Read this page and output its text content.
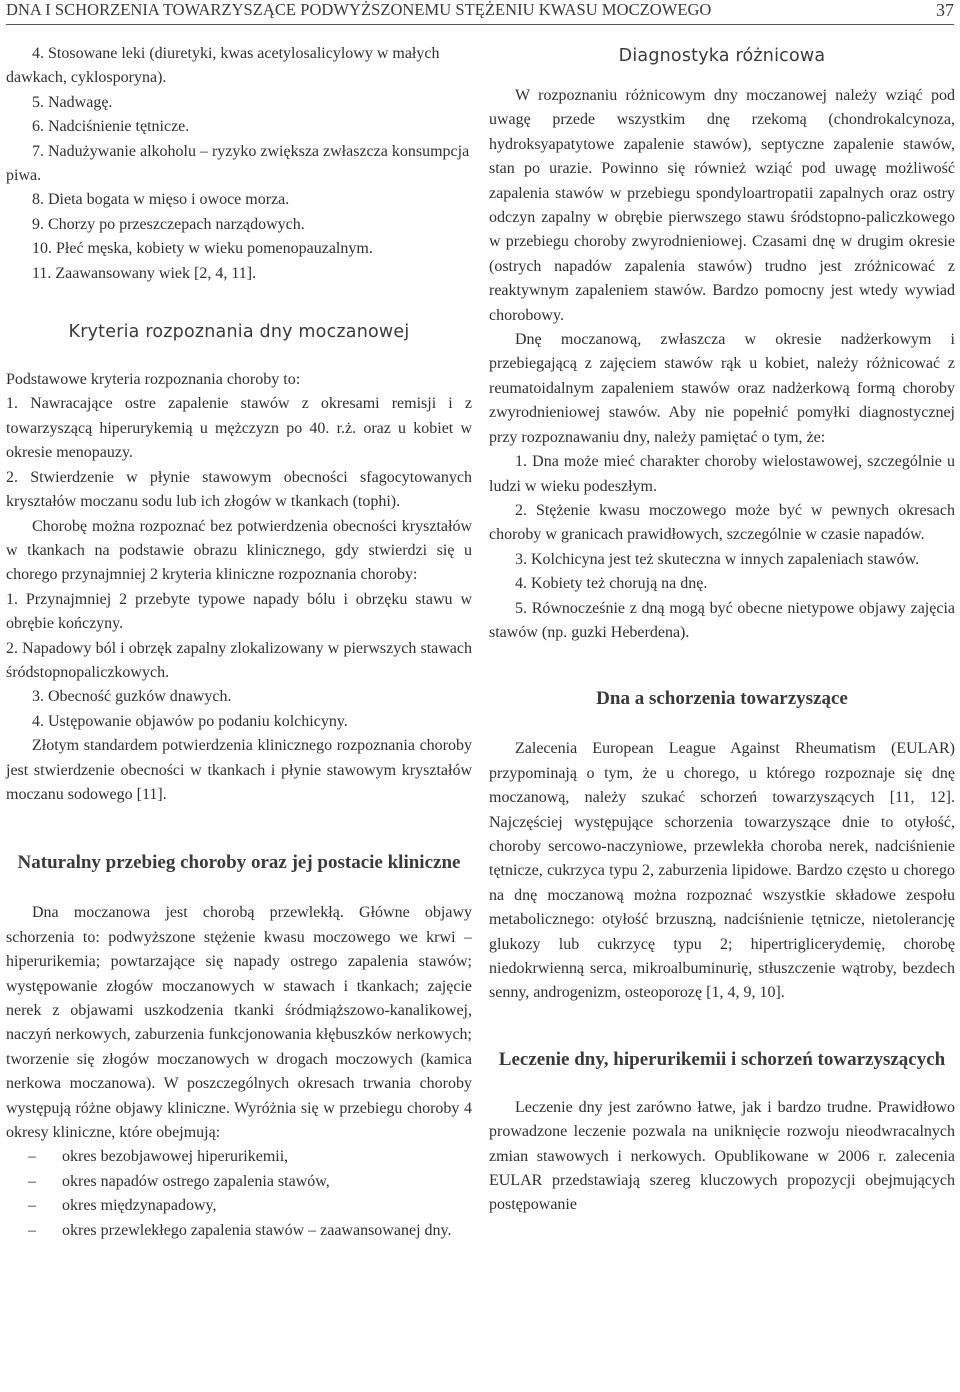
DNA I SCHORZENIA TOWARZYSZĄCE PODWYŻSZONEMU STĘŻENIU KWASU MOCZOWEGO	37

4. Stosowane leki (diuretyki, kwas acetylosalicylowy w małych dawkach, cyklosporyna).

5. Nadwagę.

6. Nadciśnienie tętnicze.

7. Nadużywanie alkoholu – ryzyko zwiększa zwłaszcza konsumpcja piwa.

8. Dieta bogata w mięso i owoce morza.

9. Chorzy po przeszczepach narządowych.

10. Płeć męska, kobiety w wieku pomenopauzalnym.

11. Zaawansowany wiek [2, 4, 11].

Kryteria rozpoznania dny moczanowej

Podstawowe kryteria rozpoznania choroby to:

1. Nawracające ostre zapalenie stawów z okresami remisji i z towarzyszącą hiperurykemią u mężczyzn po 40. r.ż. oraz u kobiet w okresie menopauzy.

2. Stwierdzenie w płynie stawowym obecności sfagocytowanych kryształów moczanu sodu lub ich złogów w tkankach (tophi).

Chorobę można rozpoznać bez potwierdzenia obecności kryształów w tkankach na podstawie obrazu klinicznego, gdy stwierdzi się u chorego przynajmniej 2 kryteria kliniczne rozpoznania choroby:

1. Przynajmniej 2 przebyte typowe napady bólu i obrzęku stawu w obrębie kończyny.

2. Napadowy ból i obrzęk zapalny zlokalizowany w pierwszych stawach śródstopnopaliczkowych.

3. Obecność guzków dnawych.

4. Ustępowanie objawów po podaniu kolchicyny.

Złotym standardem potwierdzenia klinicznego rozpoznania choroby jest stwierdzenie obecności w tkankach i płynie stawowym kryształów moczanu sodowego [11].

Naturalny przebieg choroby oraz jej postacie kliniczne

Dna moczanowa jest chorobą przewlekłą. Główne objawy schorzenia to: podwyższone stężenie kwasu moczowego we krwi – hiperurikemia; powtarzające się napady ostrego zapalenia stawów; występowanie złogów moczanowych w stawach i tkankach; zajęcie nerek z objawami uszkodzenia tkanki śródmiąższowo-kanalikowej, naczyń nerkowych, zaburzenia funkcjonowania kłębuszków nerkowych; tworzenie się złogów moczanowych w drogach moczowych (kamica nerkowa moczanowa). W poszczególnych okresach trwania choroby występują różne objawy kliniczne. Wyróżnia się w przebiegu choroby 4 okresy kliniczne, które obejmują:

– okres bezobjawowej hiperurikemii,
– okres napadów ostrego zapalenia stawów,
– okres międzynapadowy,
– okres przewlekłego zapalenia stawów – zaawansowanej dny.
Diagnostyka różnicowa

W rozpoznaniu różnicowym dny moczanowej należy wziąć pod uwagę przede wszystkim dnę rzekomą (chondrokalcynoza, hydroksyapatytowe zapalenie stawów), septyczne zapalenie stawów, stan po urazie. Powinno się również wziąć pod uwagę możliwość zapalenia stawów w przebiegu spondyloartropatii zapalnych oraz ostry odczyn zapalny w obrębie pierwszego stawu śródstopno-paliczkowego w przebiegu choroby zwyrodnieniowej. Czasami dnę w drugim okresie (ostrych napadów zapalenia stawów) trudno jest zróżnicować z reaktywnym zapaleniem stawów. Bardzo pomocny jest wtedy wywiad chorobowy.

Dnę moczanową, zwłaszcza w okresie nadżerkowym i przebiegającą z zajęciem stawów rąk u kobiet, należy różnicować z reumatoidalnym zapaleniem stawów oraz nadżerkową formą choroby zwyrodnieniowej stawów. Aby nie popełnić pomyłki diagnostycznej przy rozpoznawaniu dny, należy pamiętać o tym, że:

1. Dna może mieć charakter choroby wielostawowej, szczególnie u ludzi w wieku podeszłym.

2. Stężenie kwasu moczowego może być w pewnych okresach choroby w granicach prawidłowych, szczególnie w czasie napadów.

3. Kolchicyna jest też skuteczna w innych zapaleniach stawów.

4. Kobiety też chorują na dnę.

5. Równocześnie z dną mogą być obecne nietypowe objawy zajęcia stawów (np. guzki Heberdena).

Dna a schorzenia towarzyszące

Zalecenia European League Against Rheumatism (EULAR) przypominają o tym, że u chorego, u którego rozpoznaje się dnę moczanową, należy szukać schorzeń towarzyszących [11, 12]. Najczęściej występujące schorzenia towarzyszące dnie to otyłość, choroby sercowo-naczyniowe, przewlekła choroba nerek, nadciśnienie tętnicze, cukrzyca typu 2, zaburzenia lipidowe. Bardzo często u chorego na dnę moczanową można rozpoznać wszystkie składowe zespołu metabolicznego: otyłość brzuszną, nadciśnienie tętnicze, nietolerancję glukozy lub cukrzycę typu 2; hipertriglicerydemię, chorobę niedokrwienną serca, mikroalbuminurię, stłuszczenie wątroby, bezdech senny, androgenizm, osteoporozę [1, 4, 9, 10].

Leczenie dny, hiperurikemii i schorzeń towarzyszących

Leczenie dny jest zarówno łatwe, jak i bardzo trudne. Prawidłowo prowadzone leczenie pozwala na uniknięcie rozwoju nieodwracalnych zmian stawowych i nerkowych. Opublikowane w 2006 r. zalecenia EULAR przedstawiają szereg kluczowych propozycji obejmujących postępowanie
